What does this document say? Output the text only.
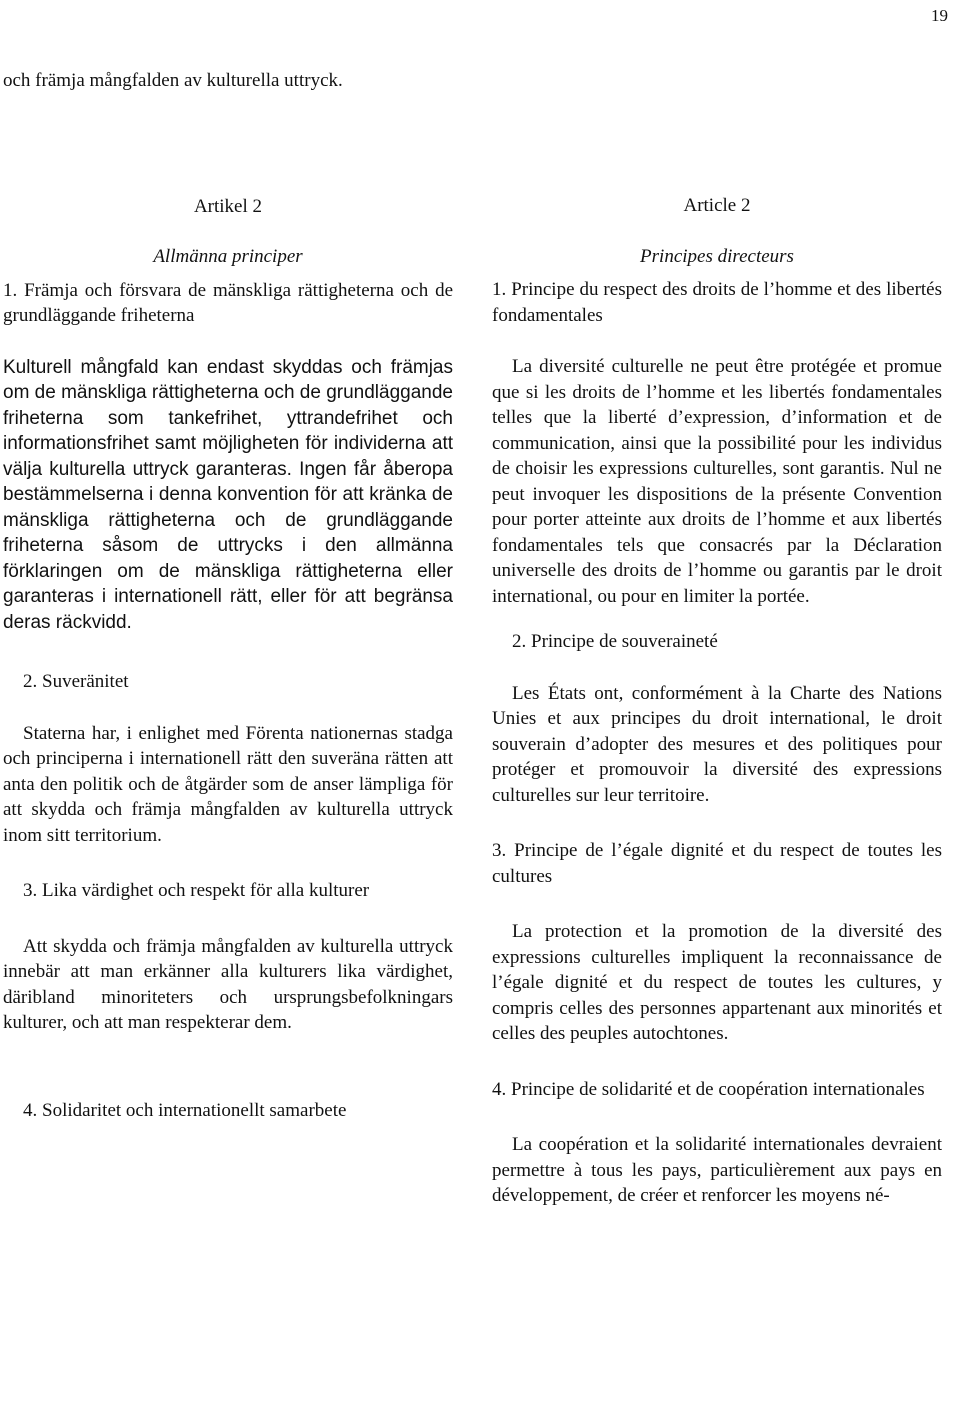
19

och främja mångfalden av kulturella uttryck.

Artikel 2

Allmänna principer

1. Främja och försvara de mänskliga rättigheterna och de grundläggande friheterna

Kulturell mångfald kan endast skyddas och främjas om de mänskliga rättigheterna och de grundläggande friheterna som tankefrihet, yttrandefrihet och informationsfrihet samt möjligheten för individerna att välja kulturella uttryck garanteras. Ingen får åberopa bestämmelserna i denna konvention för att kränka de mänskliga rättigheterna och de grundläggande friheterna såsom de uttrycks i den allmänna förklaringen om de mänskliga rättigheterna eller garanteras i internationell rätt, eller för att begränsa deras räckvidd.

2. Suveränitet

Staterna har, i enlighet med Förenta nationernas stadga och principerna i internationell rätt den suveräna rätten att anta den politik och de åtgärder som de anser lämpliga för att skydda och främja mångfalden av kulturella uttryck inom sitt territorium.

3. Lika värdighet och respekt för alla kulturer

Att skydda och främja mångfalden av kulturella uttryck innebär att man erkänner alla kulturers lika värdighet, däribland minoriteters och ursprungsbefolkningars kulturer, och att man respekterar dem.

4. Solidaritet och internationellt samarbete

Article 2

Principes directeurs

1. Principe du respect des droits de l’homme et des libertés fondamentales

La diversité culturelle ne peut être protégée et promue que si les droits de l’homme et les libertés fondamentales telles que la liberté d’expression, d’information et de communication, ainsi que la possibilité pour les individus de choisir les expressions culturelles, sont garantis. Nul ne peut invoquer les dispositions de la présente Convention pour porter atteinte aux droits de l’homme et aux libertés fondamentales tels que consacrés par la Déclaration universelle des droits de l’homme ou garantis par le droit international, ou pour en limiter la portée.

2. Principe de souveraineté

Les États ont, conformément à la Charte des Nations Unies et aux principes du droit international, le droit souverain d’adopter des mesures et des politiques pour protéger et promouvoir la diversité des expressions culturelles sur leur territoire.

3. Principe de l’égale dignité et du respect de toutes les cultures

La protection et la promotion de la diversité des expressions culturelles impliquent la reconnaissance de l’égale dignité et du respect de toutes les cultures, y compris celles des personnes appartenant aux minorités et celles des peuples autochtones.

4. Principe de solidarité et de coopération internationales

La coopération et la solidarité internationales devraient permettre à tous les pays, particulièrement aux pays en développement, de créer et renforcer les moyens né-
